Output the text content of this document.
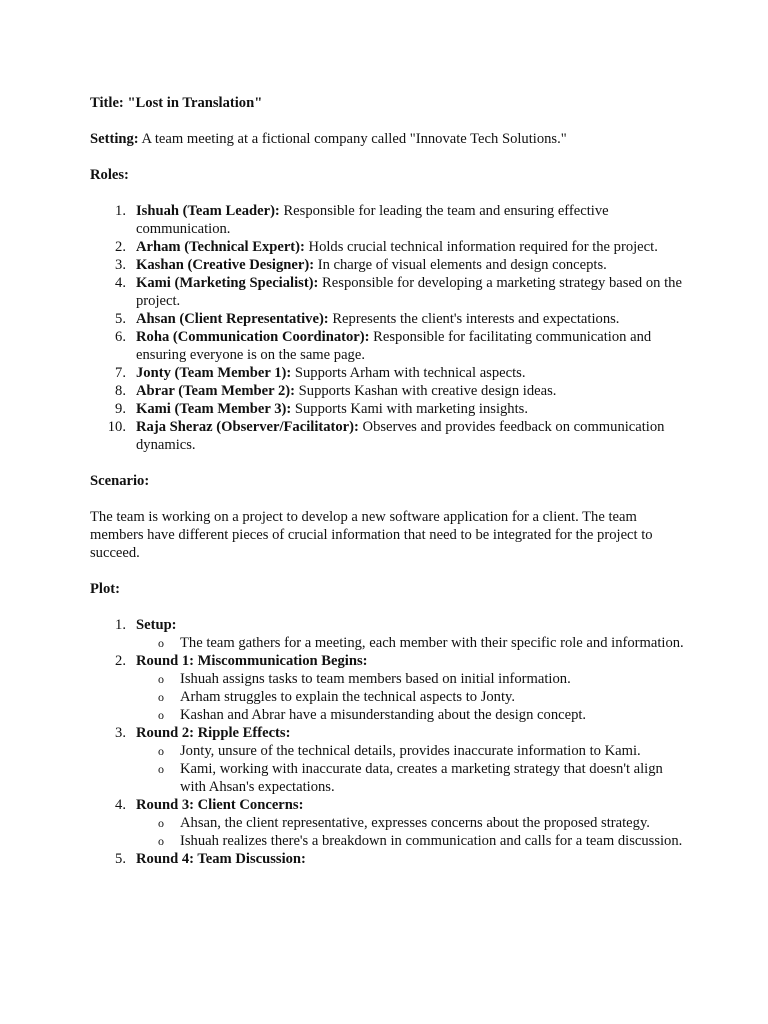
Title: "Lost in Translation"

Setting: A team meeting at a fictional company called "Innovate Tech Solutions."

Roles:

1. Ishuah (Team Leader): Responsible for leading the team and ensuring effective communication.
2. Arham (Technical Expert): Holds crucial technical information required for the project.
3. Kashan (Creative Designer): In charge of visual elements and design concepts.
4. Kami (Marketing Specialist): Responsible for developing a marketing strategy based on the project.
5. Ahsan (Client Representative): Represents the client's interests and expectations.
6. Roha (Communication Coordinator): Responsible for facilitating communication and ensuring everyone is on the same page.
7. Jonty (Team Member 1): Supports Arham with technical aspects.
8. Abrar (Team Member 2): Supports Kashan with creative design ideas.
9. Kami (Team Member 3): Supports Kami with marketing insights.
10. Raja Sheraz (Observer/Facilitator): Observes and provides feedback on communication dynamics.

Scenario:

The team is working on a project to develop a new software application for a client. The team members have different pieces of crucial information that need to be integrated for the project to succeed.

Plot:

1. Setup:
o The team gathers for a meeting, each member with their specific role and information.
2. Round 1: Miscommunication Begins:
o Ishuah assigns tasks to team members based on initial information.
o Arham struggles to explain the technical aspects to Jonty.
o Kashan and Abrar have a misunderstanding about the design concept.
3. Round 2: Ripple Effects:
o Jonty, unsure of the technical details, provides inaccurate information to Kami.
o Kami, working with inaccurate data, creates a marketing strategy that doesn't align with Ahsan's expectations.
4. Round 3: Client Concerns:
o Ahsan, the client representative, expresses concerns about the proposed strategy.
o Ishuah realizes there's a breakdown in communication and calls for a team discussion.
5. Round 4: Team Discussion:
